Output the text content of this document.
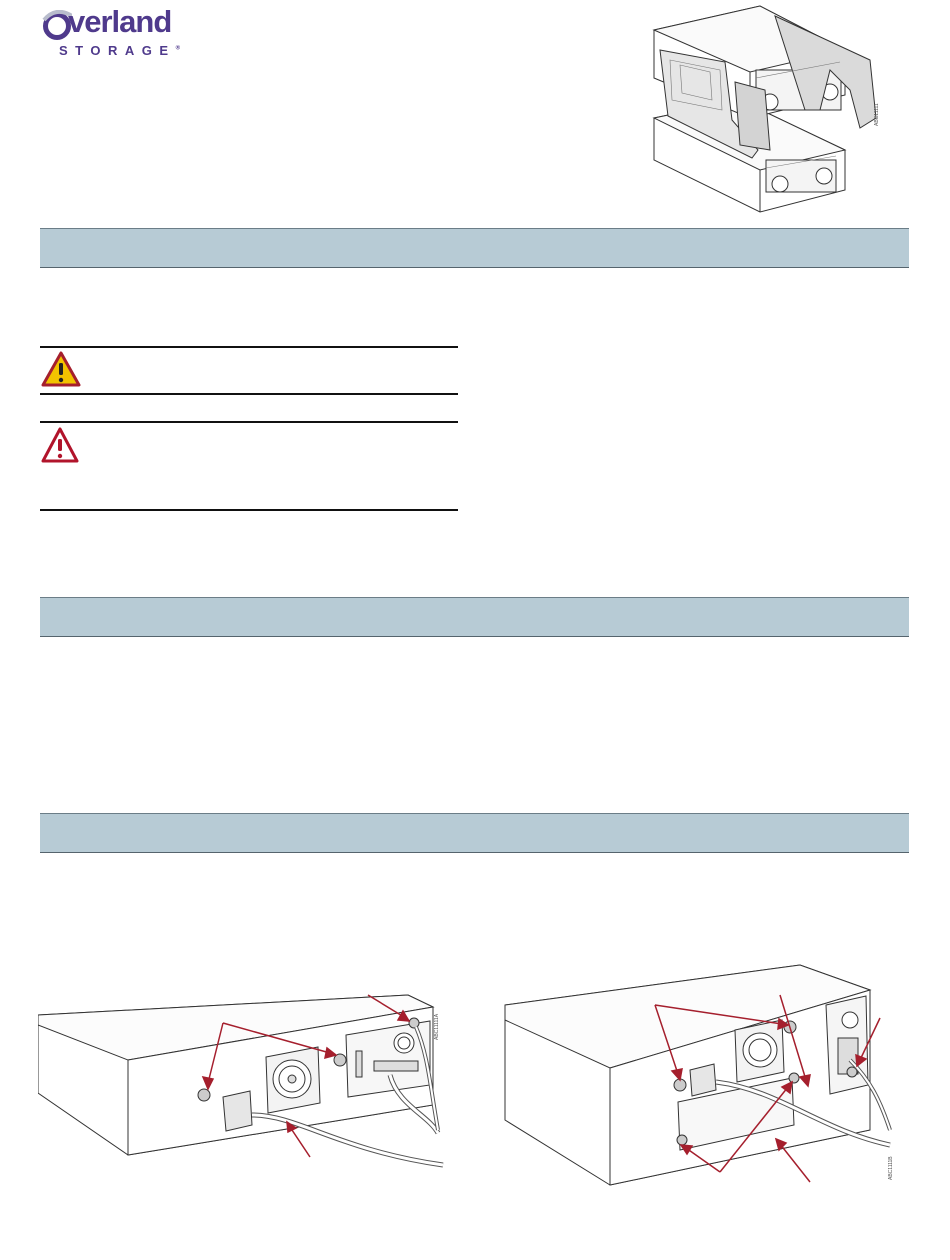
verland
STORAGE®
ABC11111
ABC11111A
ABC1111B
